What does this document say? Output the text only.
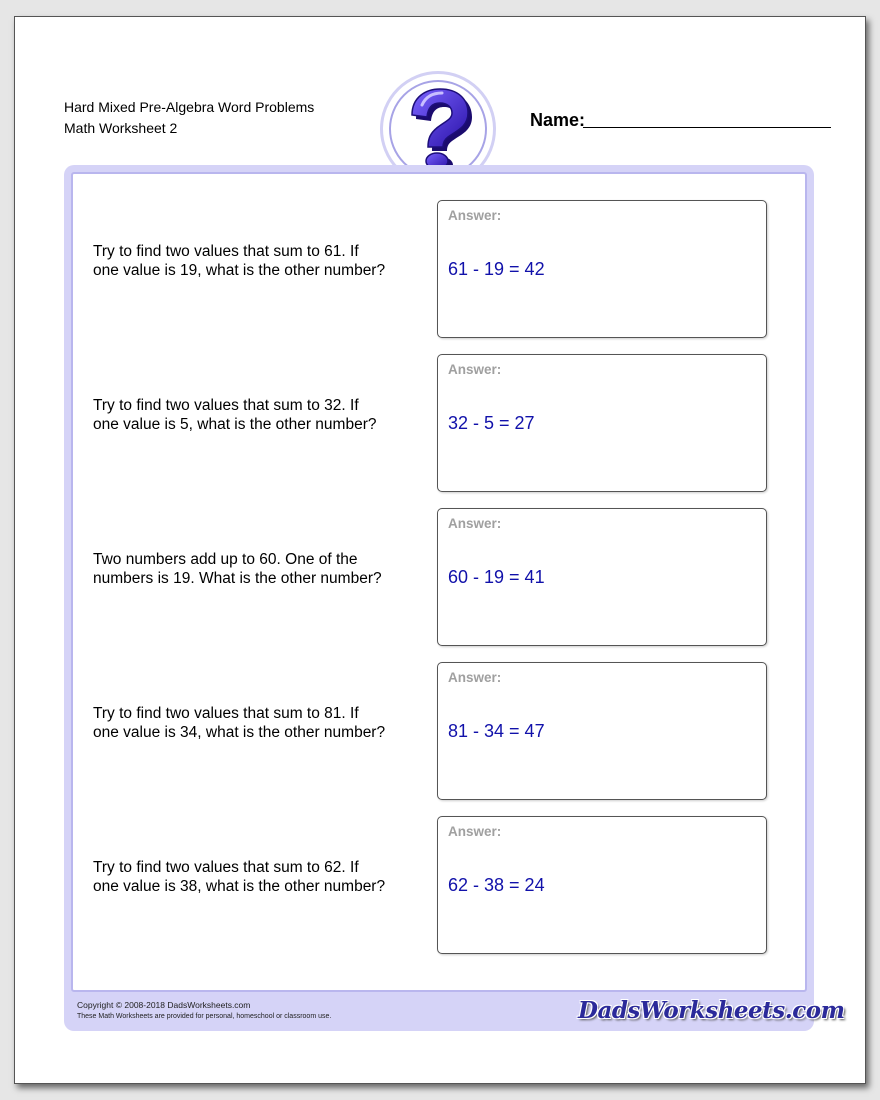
Hard Mixed Pre-Algebra Word Problems
Math Worksheet 2	Name:
Try to find two values that sum to 61. If
one value is 19, what is the other number?
Answer:
61 - 19 = 42
Try to find two values that sum to 32. If
one value is 5, what is the other number?
Answer:
32 - 5 = 27
Two numbers add up to 60. One of the
numbers is 19. What is the other number?
Answer:
60 - 19 = 41
Try to find two values that sum to 81. If
one value is 34, what is the other number?
Answer:
81 - 34 = 47
Try to find two values that sum to 62. If
one value is 38, what is the other number?
Answer:
62 - 38 = 24
Copyright © 2008-2018 DadsWorksheets.com
These Math Worksheets are provided for personal, homeschool or classroom use.	DadsWorksheets.com
